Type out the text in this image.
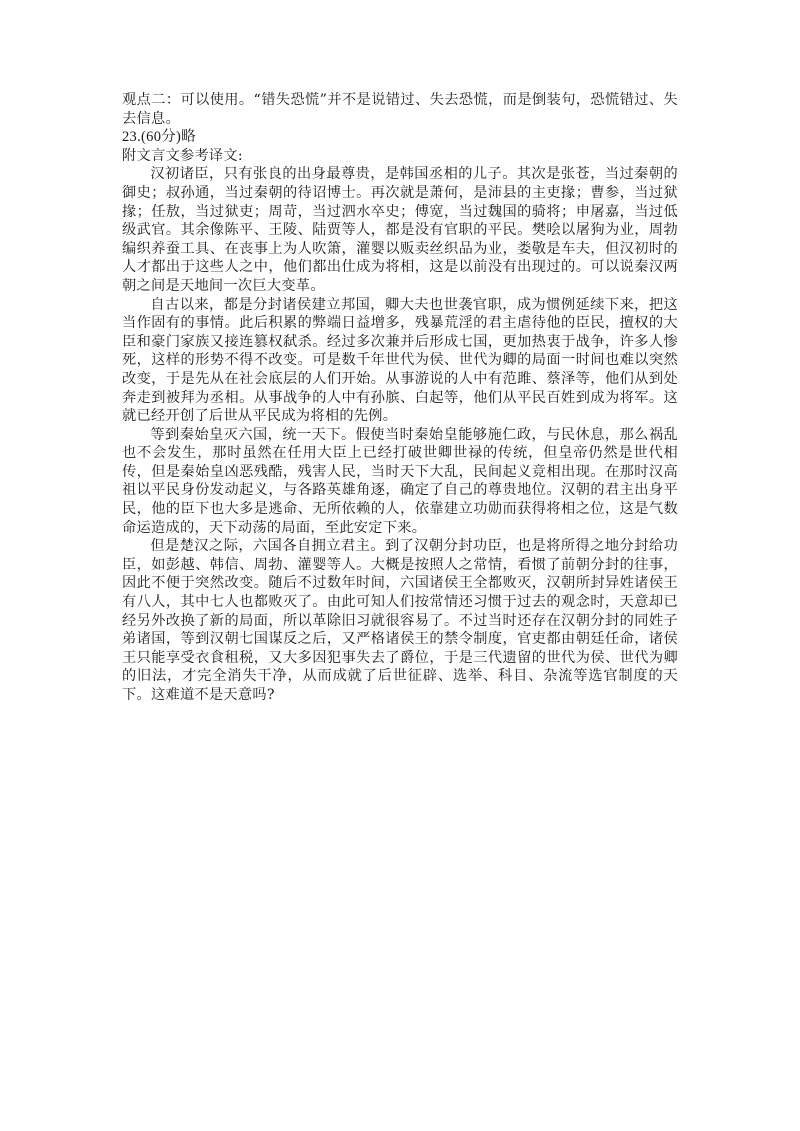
观点二：可以使用。“错失恐慌”并不是说错过、失去恐慌，而是倒装句，恐慌错过、失去信息。

23.(60分)略

附文言文参考译文:

汉初诸臣，只有张良的出身最尊贵，是韩国丞相的儿子。其次是张苍，当过秦朝的御史；叔孙通，当过秦朝的待诏博士。再次就是萧何，是沛县的主吏掾；曹参，当过狱掾；任敖，当过狱吏；周苛，当过泗水卒史；傅宽，当过魏国的骑将；申屠嘉，当过低级武官。其余像陈平、王陵、陆贾等人，都是没有官职的平民。樊哙以屠狗为业，周勃编织养蚕工具、在丧事上为人吹箫，灌婴以贩卖丝织品为业，娄敬是车夫，但汉初时的人才都出于这些人之中，他们都出仕成为将相，这是以前没有出现过的。可以说秦汉两朝之间是天地间一次巨大变革。

自古以来，都是分封诸侯建立邦国，卿大夫也世袭官职，成为惯例延续下来，把这当作固有的事情。此后积累的弊端日益增多，残暴荒淫的君主虐待他的臣民，擅权的大臣和豪门家族又接连篡权弑杀。经过多次兼并后形成七国，更加热衷于战争，许多人惨死，这样的形势不得不改变。可是数千年世代为侯、世代为卿的局面一时间也难以突然改变，于是先从在社会底层的人们开始。从事游说的人中有范雎、蔡泽等，他们从到处奔走到被拜为丞相。从事战争的人中有孙膑、白起等，他们从平民百姓到成为将军。这就已经开创了后世从平民成为将相的先例。

等到秦始皇灭六国，统一天下。假使当时秦始皇能够施仁政，与民休息，那么祸乱也不会发生，那时虽然在任用大臣上已经打破世卿世禄的传统，但皇帝仍然是世代相传，但是秦始皇凶恶残酷，残害人民，当时天下大乱，民间起义竞相出现。在那时汉高祖以平民身份发动起义，与各路英雄角逐，确定了自己的尊贵地位。汉朝的君主出身平民，他的臣下也大多是逃命、无所依赖的人，依靠建立功勋而获得将相之位，这是气数命运造成的，天下动荡的局面，至此安定下来。

但是楚汉之际，六国各自拥立君主。到了汉朝分封功臣，也是将所得之地分封给功臣，如彭越、韩信、周勃、灌婴等人。大概是按照人之常情，看惯了前朝分封的往事，因此不便于突然改变。随后不过数年时间，六国诸侯王全都败灭，汉朝所封异姓诸侯王有八人，其中七人也都败灭了。由此可知人们按常情还习惯于过去的观念时，天意却已经另外改换了新的局面，所以革除旧习就很容易了。不过当时还存在汉朝分封的同姓子弟诸国，等到汉朝七国谋反之后，又严格诸侯王的禁令制度，官吏都由朝廷任命，诸侯王只能享受衣食租税，又大多因犯事失去了爵位，于是三代遗留的世代为侯、世代为卿的旧法，才完全消失干净，从而成就了后世征辟、选举、科目、杂流等选官制度的天下。这难道不是天意吗?
